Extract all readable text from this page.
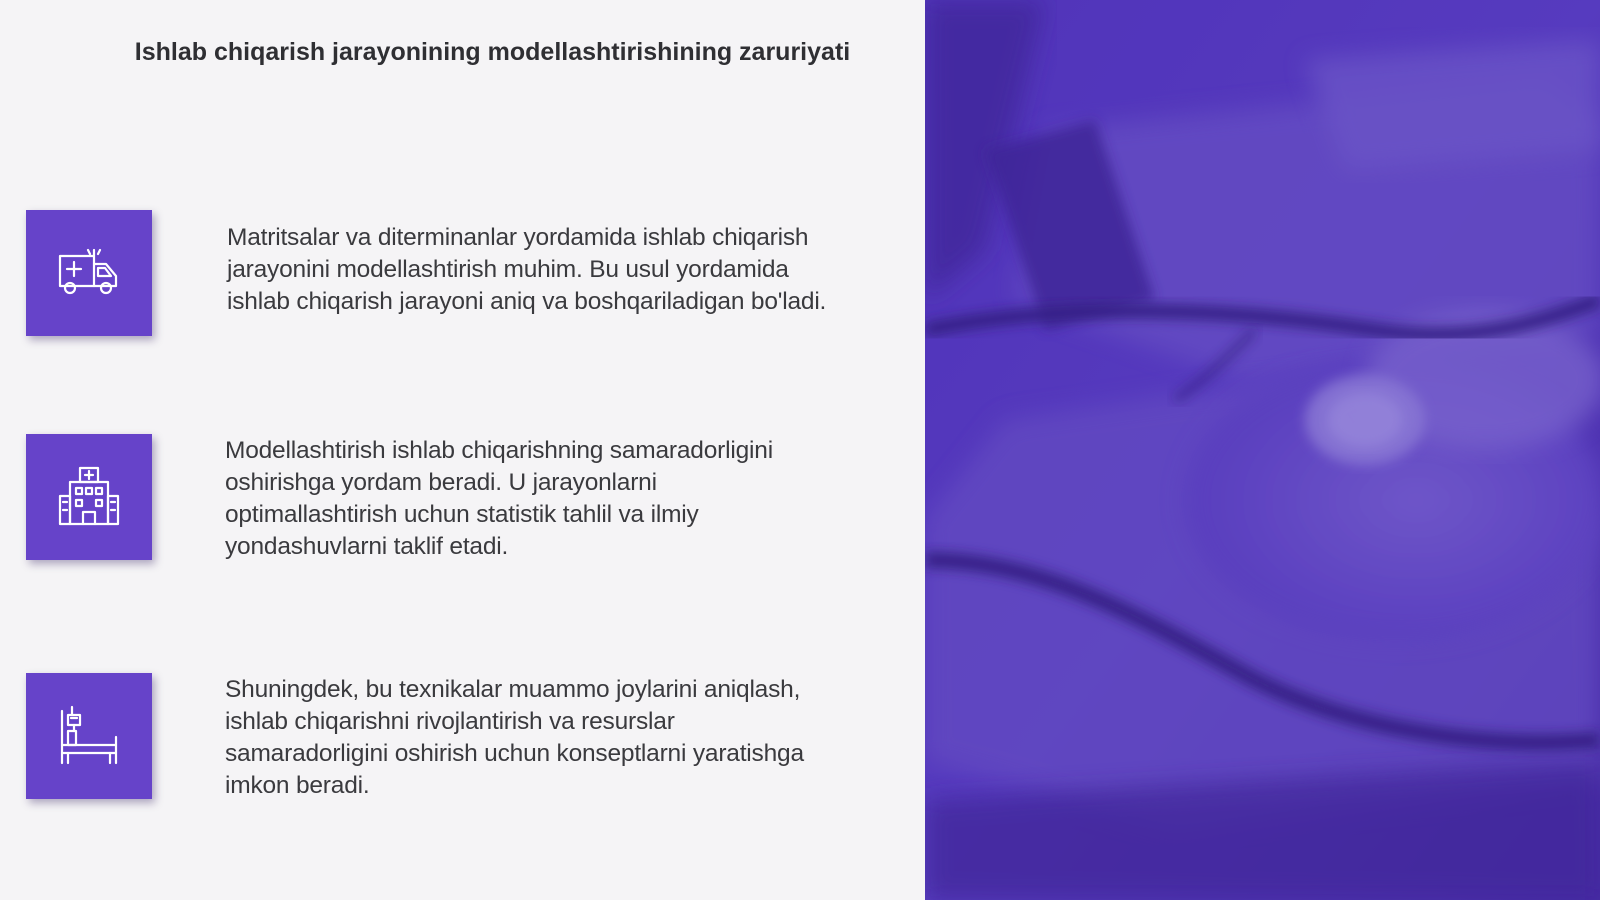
Ishlab chiqarish jarayonining modellashtirishining zaruriyati

Matritsalar va diterminanlar yordamida ishlab chiqarish jarayonini modellashtirish muhim. Bu usul yordamida ishlab chiqarish jarayoni aniq va boshqariladigan bo'ladi.

Modellashtirish ishlab chiqarishning samaradorligini oshirishga yordam beradi. U jarayonlarni optimallashtirish uchun statistik tahlil va ilmiy yondashuvlarni taklif etadi.

Shuningdek, bu texnikalar muammo joylarini aniqlash, ishlab chiqarishni rivojlantirish va resurslar samaradorligini oshirish uchun konseptlarni yaratishga imkon beradi.
